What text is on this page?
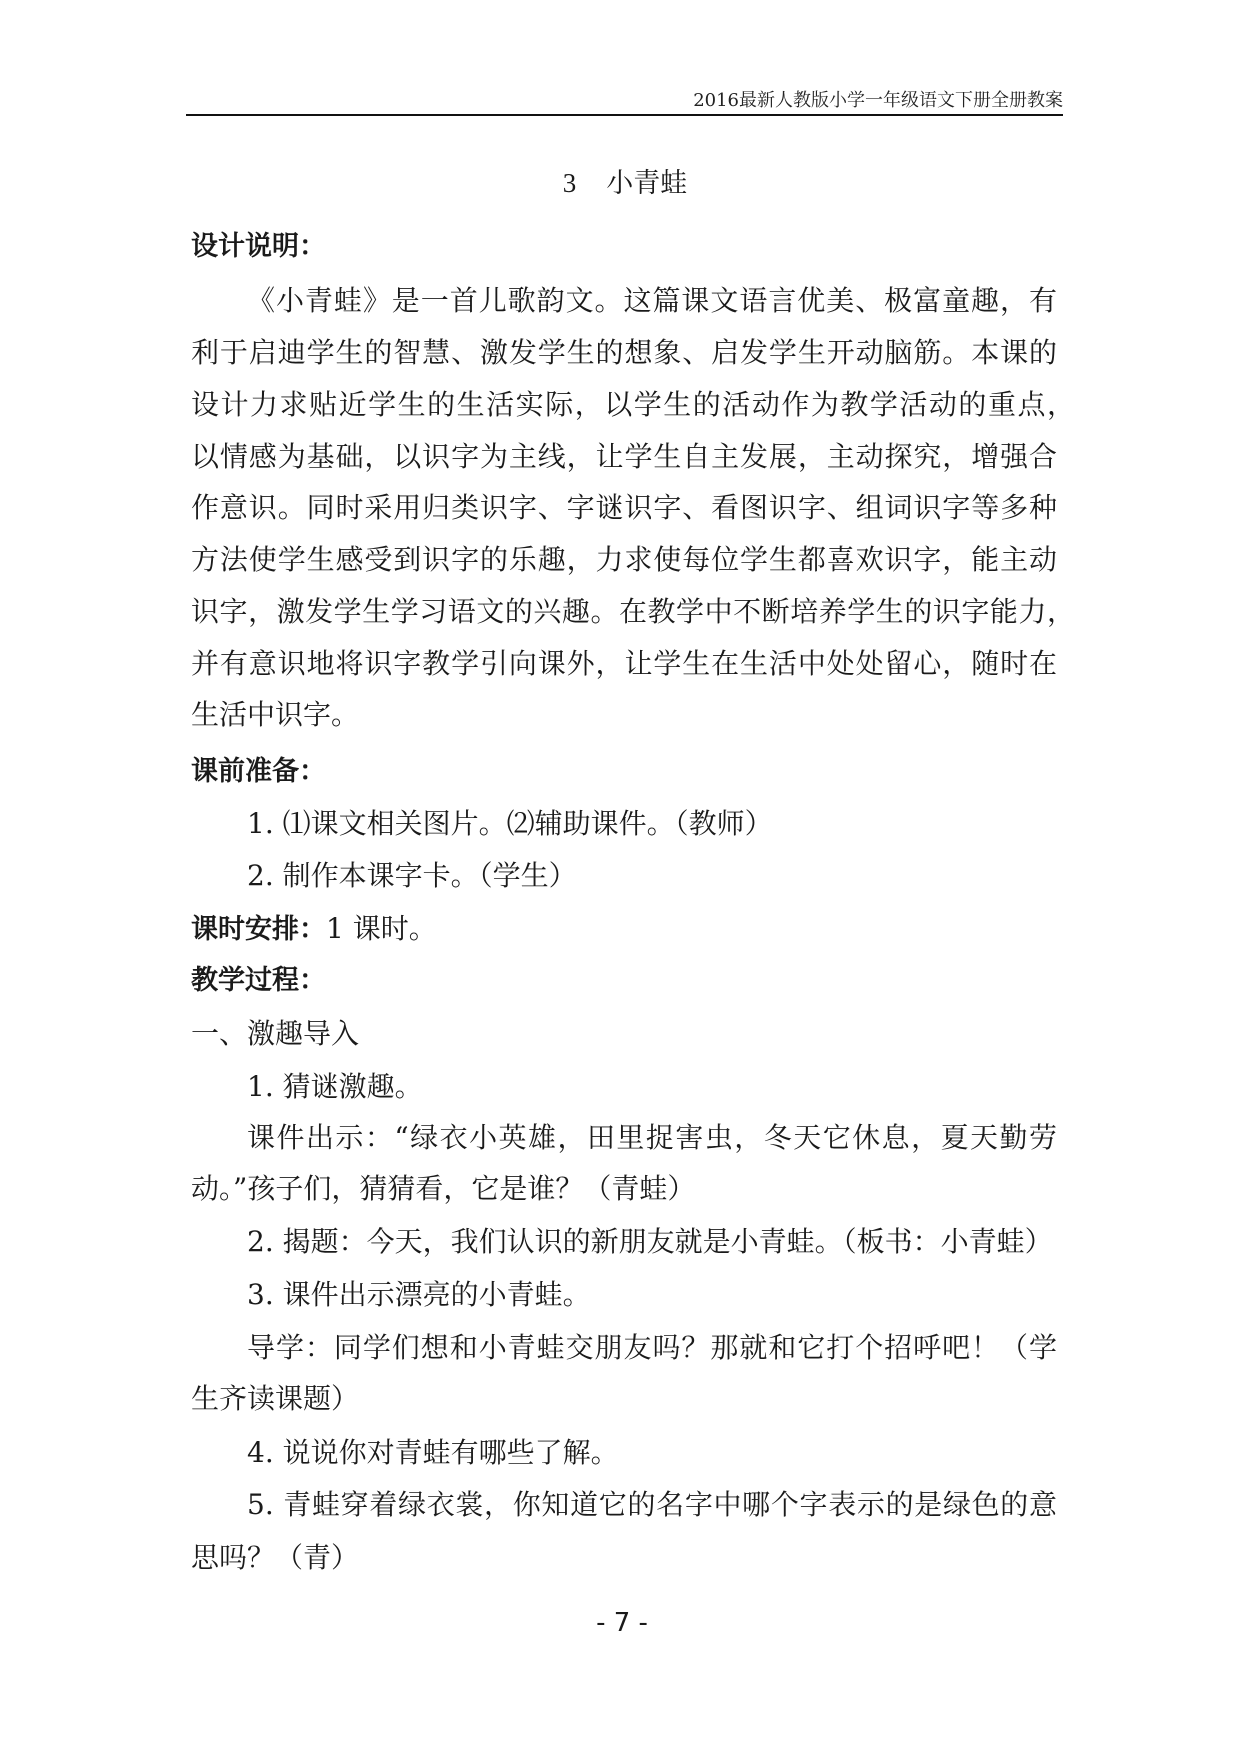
2016最新人教版小学一年级语文下册全册教案
3 小青蛙
设计说明：
《小青蛙》是一首儿歌韵文。这篇课文语言优美、极富童趣，有
利于启迪学生的智慧、激发学生的想象、启发学生开动脑筋。本课的
设计力求贴近学生的生活实际，以学生的活动作为教学活动的重点，
以情感为基础，以识字为主线，让学生自主发展，主动探究，增强合
作意识。同时采用归类识字、字谜识字、看图识字、组词识字等多种
方法使学生感受到识字的乐趣，力求使每位学生都喜欢识字，能主动
识字，激发学生学习语文的兴趣。在教学中不断培养学生的识字能力，
并有意识地将识字教学引向课外，让学生在生活中处处留心，随时在
生活中识字。
课前准备：
1. ⑴课文相关图片。⑵辅助课件。（教师）
2. 制作本课字卡。（学生）
课时安排：1 课时。
教学过程：
一、激趣导入
1. 猜谜激趣。
课件出示：“绿衣小英雄，田里捉害虫，冬天它休息，夏天勤劳
动。”孩子们，猜猜看，它是谁？（青蛙）
2. 揭题：今天，我们认识的新朋友就是小青蛙。（板书：小青蛙）
3. 课件出示漂亮的小青蛙。
导学：同学们想和小青蛙交朋友吗？那就和它打个招呼吧！（学
生齐读课题）
4. 说说你对青蛙有哪些了解。
5. 青蛙穿着绿衣裳，你知道它的名字中哪个字表示的是绿色的意
思吗？（青）
- 7 -
